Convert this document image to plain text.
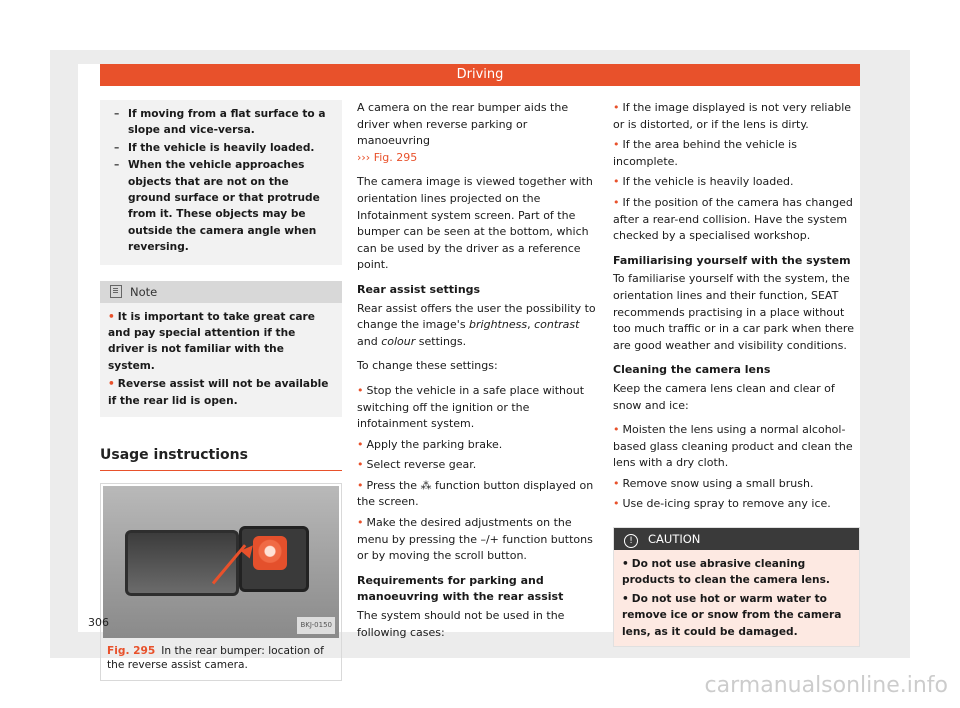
Driving
– If moving from a flat surface to a slope and vice-versa.
– If the vehicle is heavily loaded.
– When the vehicle approaches objects that are not on the ground surface or that protrude from it. These objects may be outside the camera angle when reversing.
Note
• It is important to take great care and pay special attention if the driver is not familiar with the system.
• Reverse assist will not be available if the rear lid is open.
Usage instructions
BKJ-0150
Fig. 295 In the rear bumper: location of the reverse assist camera.

A camera on the rear bumper aids the driver when reverse parking or manoeuvring
››› Fig. 295

The camera image is viewed together with orientation lines projected on the Infotainment system screen. Part of the bumper can be seen at the bottom, which can be used by the driver as a reference point.

Rear assist settings

Rear assist offers the user the possibility to change the image's brightness, contrast and colour settings.

To change these settings:

• Stop the vehicle in a safe place without switching off the ignition or the infotainment system.

• Apply the parking brake.

• Select reverse gear.

• Press the ⁂ function button displayed on the screen.

• Make the desired adjustments on the menu by pressing the –/+ function buttons or by moving the scroll button.

Requirements for parking and manoeuvring with the rear assist

The system should not be used in the following cases:

• If the image displayed is not very reliable or is distorted, or if the lens is dirty.

• If the area behind the vehicle is incomplete.

• If the vehicle is heavily loaded.

• If the position of the camera has changed after a rear-end collision. Have the system checked by a specialised workshop.

Familiarising yourself with the system

To familiarise yourself with the system, the orientation lines and their function, SEAT recommends practising in a place without too much traffic or in a car park when there are good weather and visibility conditions.

Cleaning the camera lens

Keep the camera lens clean and clear of snow and ice:

• Moisten the lens using a normal alcohol-based glass cleaning product and clean the lens with a dry cloth.

• Remove snow using a small brush.

• Use de-icing spray to remove any ice.

! CAUTION
• Do not use abrasive cleaning products to clean the camera lens.
• Do not use hot or warm water to remove ice or snow from the camera lens, as it could be damaged.
306
carmanualsonline.info
